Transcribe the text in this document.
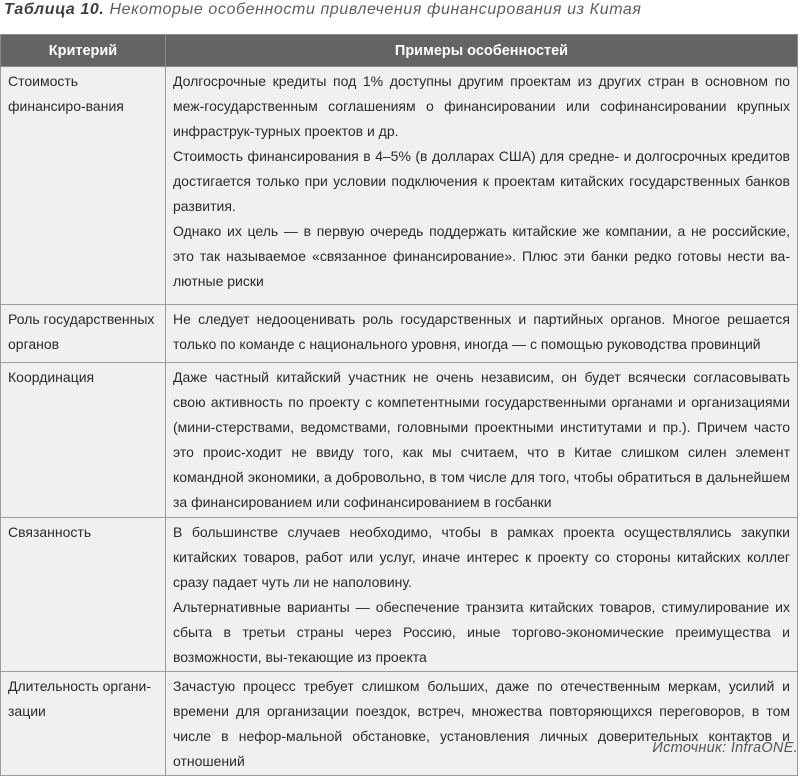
Таблица 10. Некоторые особенности привлечения финансирования из Китая
Критерий	Примеры особенностей
Стоимость финансиро-вания	Долгосрочные кредиты под 1% доступны другим проектам из других стран в основном по меж-государственным соглашениям о финансировании или софинансировании крупных инфраструк-турных проектов и др.

Стоимость финансирования в 4–5% (в долларах США) для средне- и долгосрочных кредитов достигается только при условии подключения к проектам китайских государственных банков развития.

Однако их цель — в первую очередь поддержать китайские же компании, а не российские, это так называемое «связанное финансирование». Плюс эти банки редко готовы нести ва-лютные риски

Роль государственных органов	Не следует недооценивать роль государственных и партийных органов. Многое решается только по команде с национального уровня, иногда — с помощью руководства провинций

Координация	Даже частный китайский участник не очень независим, он будет всячески согласовывать свою активность по проекту с компетентными государственными органами и организациями (мини-стерствами, ведомствами, головными проектными институтами и пр.). Причем часто это проис-ходит не ввиду того, как мы считаем, что в Китае слишком силен элемент командной экономики, а добровольно, в том числе для того, чтобы обратиться в дальнейшем за финансированием или софинансированием в госбанки

Связанность	В большинстве случаев необходимо, чтобы в рамках проекта осуществлялись закупки китайских товаров, работ или услуг, иначе интерес к проекту со стороны китайских коллег сразу падает чуть ли не наполовину.

Альтернативные варианты — обеспечение транзита китайских товаров, стимулирование их сбыта в третьи страны через Россию, иные торгово-экономические преимущества и возможности, вы-текающие из проекта

Длительность органи-зации	Зачастую процесс требует слишком больших, даже по отечественным меркам, усилий и времени для организации поездок, встреч, множества повторяющихся переговоров, в том числе в нефор-мальной обстановке, установления личных доверительных контактов и отношений

Источник: InfraONE.
